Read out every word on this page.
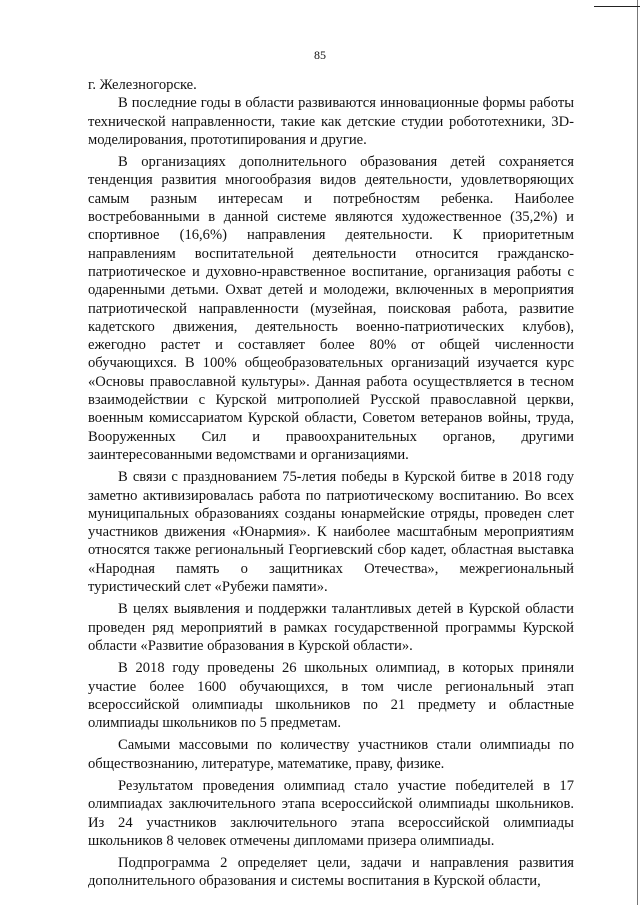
85

г. Железногорске.

В последние годы в области развиваются инновационные формы работы технической направленности, такие как детские студии робототехники, 3D-моделирования, прототипирования и другие.

В организациях дополнительного образования детей сохраняется тенденция развития многообразия видов деятельности, удовлетворяющих самым разным интересам и потребностям ребенка. Наиболее востребованными в данной системе являются художественное (35,2%) и спортивное (16,6%) направления деятельности. К приоритетным направлениям воспитательной деятельности относится гражданско-патриотическое и духовно-нравственное воспитание, организация работы с одаренными детьми. Охват детей и молодежи, включенных в мероприятия патриотической направленности (музейная, поисковая работа, развитие кадетского движения, деятельность военно-патриотических клубов), ежегодно растет и составляет более 80% от общей численности обучающихся. В 100% общеобразовательных организаций изучается курс «Основы православной культуры». Данная работа осуществляется в тесном взаимодействии с Курской митрополией Русской православной церкви, военным комиссариатом Курской области, Советом ветеранов войны, труда, Вооруженных Сил и правоохранительных органов, другими заинтересованными ведомствами и организациями.

В связи с празднованием 75-летия победы в Курской битве в 2018 году заметно активизировалась работа по патриотическому воспитанию. Во всех муниципальных образованиях созданы юнармейские отряды, проведен слет участников движения «Юнармия». К наиболее масштабным мероприятиям относятся также региональный Георгиевский сбор кадет, областная выставка «Народная память о защитниках Отечества», межрегиональный туристический слет «Рубежи памяти».

В целях выявления и поддержки талантливых детей в Курской области проведен ряд мероприятий в рамках государственной программы Курской области «Развитие образования в Курской области».

В 2018 году проведены 26 школьных олимпиад, в которых приняли участие более 1600 обучающихся, в том числе региональный этап всероссийской олимпиады школьников по 21 предмету и областные олимпиады школьников по 5 предметам.

Самыми массовыми по количеству участников стали олимпиады по обществознанию, литературе, математике, праву, физике.

Результатом проведения олимпиад стало участие победителей в 17 олимпиадах заключительного этапа всероссийской олимпиады школьников. Из 24 участников заключительного этапа всероссийской олимпиады школьников 8 человек отмечены дипломами призера олимпиады.

Подпрограмма 2 определяет цели, задачи и направления развития дополнительного образования и системы воспитания в Курской области,
